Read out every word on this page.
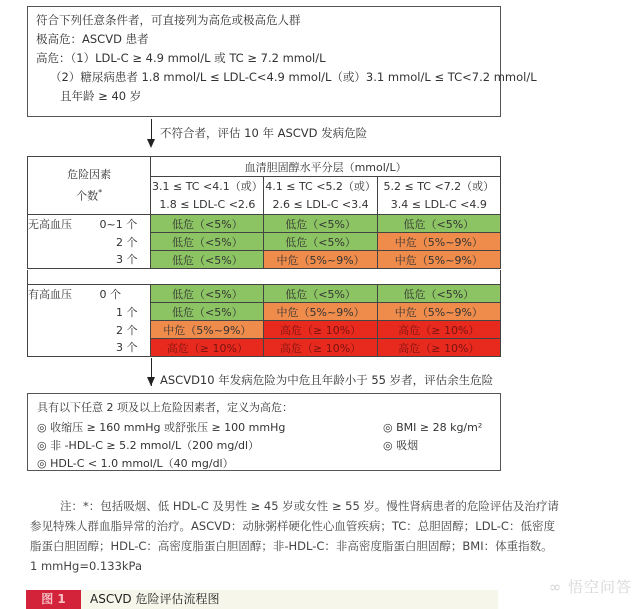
符合下列任意条件者，可直接列为高危或极高危人群
极高危：ASCVD 患者
高危：（1）LDL-C ≥ 4.9 mmol/L 或 TC ≥ 7.2 mmol/L
（2）糖尿病患者 1.8 mmol/L ≤ LDL-C<4.9 mmol/L（或）3.1 mmol/L ≤ TC<7.2 mmol/L
且年龄 ≥ 40 岁
不符合者，评估 10 年 ASCVD 发病危险
危险因素
个数*	血清胆固醇水平分层（mmol/L）		
	3.1 ≤ TC <4.1（或）	4.1 ≤ TC <5.2（或）	5.2 ≤ TC <7.2（或）
	1.8 ≤ LDL-C <2.6	2.6 ≤ LDL-C <3.4	3.4 ≤ LDL-C <4.9
无高血压 0~1 个	低危（<5%）	低危（<5%）	低危（<5%）
2 个	低危（<5%）	低危（<5%）	中危（5%~9%）
3 个	低危（<5%）	中危（5%~9%）	中危（5%~9%）
有高血压 0 个	低危（<5%）	低危（<5%）	低危（<5%）
1 个	低危（<5%）	中危（5%~9%）	中危（5%~9%）
2 个	中危（5%~9%）	高危（≥ 10%）	高危（≥ 10%）
3 个	高危（≥ 10%）	高危（≥ 10%）	高危（≥ 10%）
ASCVD10 年发病危险为中危且年龄小于 55 岁者，评估余生危险
具有以下任意 2 项及以上危险因素者，定义为高危：
◎ 收缩压 ≥ 160 mmHg 或舒张压 ≥ 100 mmHg	◎ BMI ≥ 28 kg/m²
◎ 非 -HDL-C ≥ 5.2 mmol/L（200 mg/dl）	◎ 吸烟
◎ HDL-C < 1.0 mmol/L（40 mg/dl）
注：*：包括吸烟、低 HDL-C 及男性 ≥ 45 岁或女性 ≥ 55 岁。慢性肾病患者的危险评估及治疗请
参见特殊人群血脂异常的治疗。ASCVD：动脉粥样硬化性心血管疾病；TC：总胆固醇；LDL-C：低密度
脂蛋白胆固醇；HDL-C：高密度脂蛋白胆固醇；非-HDL-C：非高密度脂蛋白胆固醇；BMI：体重指数。
1 mmHg=0.133kPa
图 1	ASCVD 危险评估流程图
∞ 悟空问答
